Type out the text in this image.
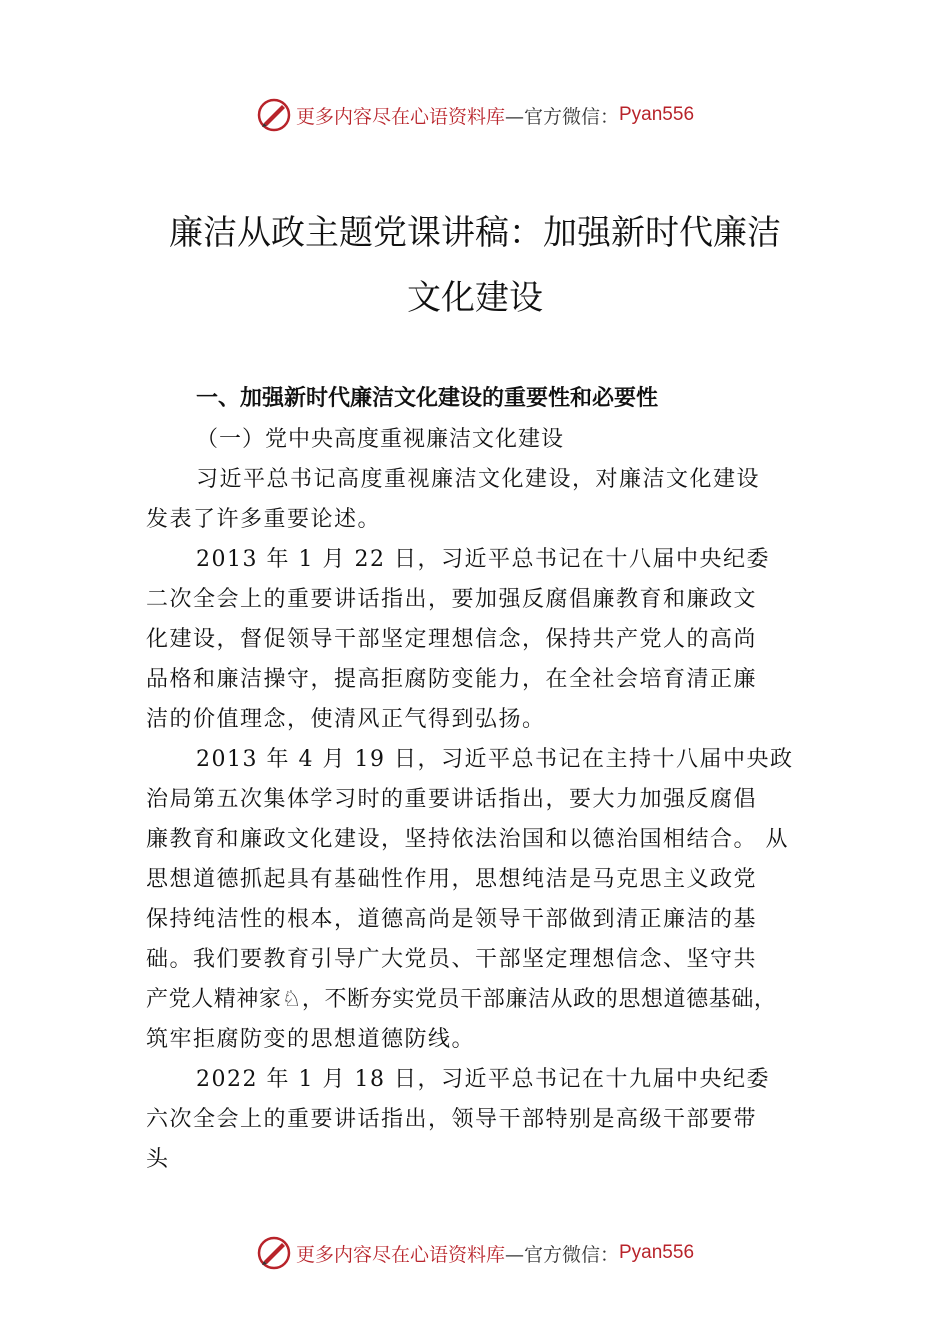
更多内容尽在心语资料库 —官方微信： Pyan556
廉洁从政主题党课讲稿：加强新时代廉洁
文化建设
一、加强新时代廉洁文化建设的重要性和必要性
（一）党中央高度重视廉洁文化建设
习近平总书记高度重视廉洁文化建设，对廉洁文化建设
发表了许多重要论述。
2013 年 1 月 22 日，习近平总书记在十八届中央纪委
二次全会上的重要讲话指出，要加强反腐倡廉教育和廉政文
化建设，督促领导干部坚定理想信念，保持共产党人的高尚
品格和廉洁操守，提高拒腐防变能力，在全社会培育清正廉
洁的价值理念，使清风正气得到弘扬。
2013 年 4 月 19 日，习近平总书记在主持十八届中央政
治局第五次集体学习时的重要讲话指出，要大力加强反腐倡
廉教育和廉政文化建设，坚持依法治国和以德治国相结合。 从
思想道德抓起具有基础性作用，思想纯洁是马克思主义政党
保持纯洁性的根本，道德高尚是领导干部做到清正廉洁的基
础。我们要教育引导广大党员、干部坚定理想信念、坚守共
产党人精神家♘，不断夯实党员干部廉洁从政的思想道德基础，
筑牢拒腐防变的思想道德防线。
2022 年 1 月 18 日，习近平总书记在十九届中央纪委
六次全会上的重要讲话指出，领导干部特别是高级干部要带
头
更多内容尽在心语资料库 —官方微信： Pyan556
